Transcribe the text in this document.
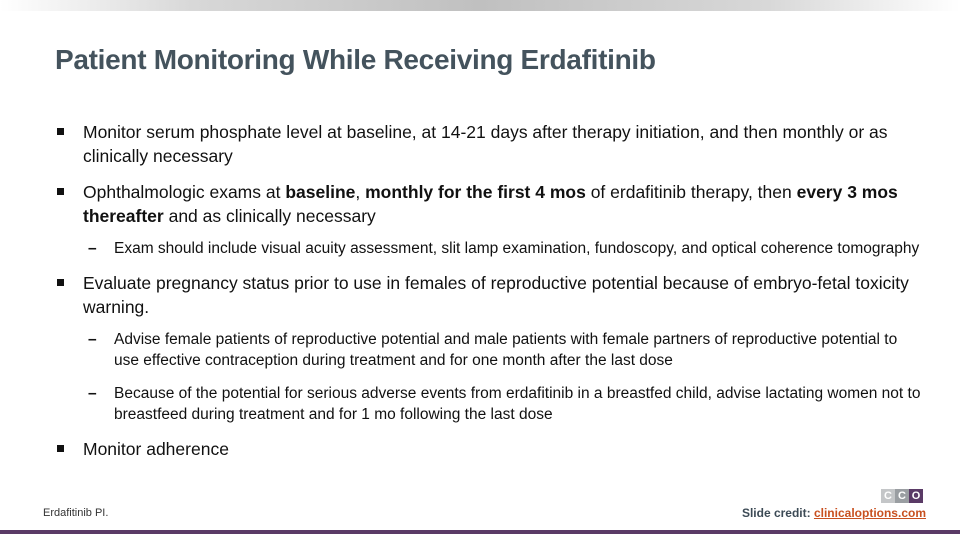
Patient Monitoring While Receiving Erdafitinib
Monitor serum phosphate level at baseline, at 14-21 days after therapy initiation, and then monthly or as clinically necessary
Ophthalmologic exams at baseline, monthly for the first 4 mos of erdafitinib therapy, then every 3 mos thereafter and as clinically necessary
– Exam should include visual acuity assessment, slit lamp examination, fundoscopy, and optical coherence tomography
Evaluate pregnancy status prior to use in females of reproductive potential because of embryo-fetal toxicity warning.
– Advise female patients of reproductive potential and male patients with female partners of reproductive potential to use effective contraception during treatment and for one month after the last dose
– Because of the potential for serious adverse events from erdafitinib in a breastfed child, advise lactating women not to breastfeed during treatment and for 1 mo following the last dose
Monitor adherence
Erdafitinib PI.
C C O
Slide credit: clinicaloptions.com
